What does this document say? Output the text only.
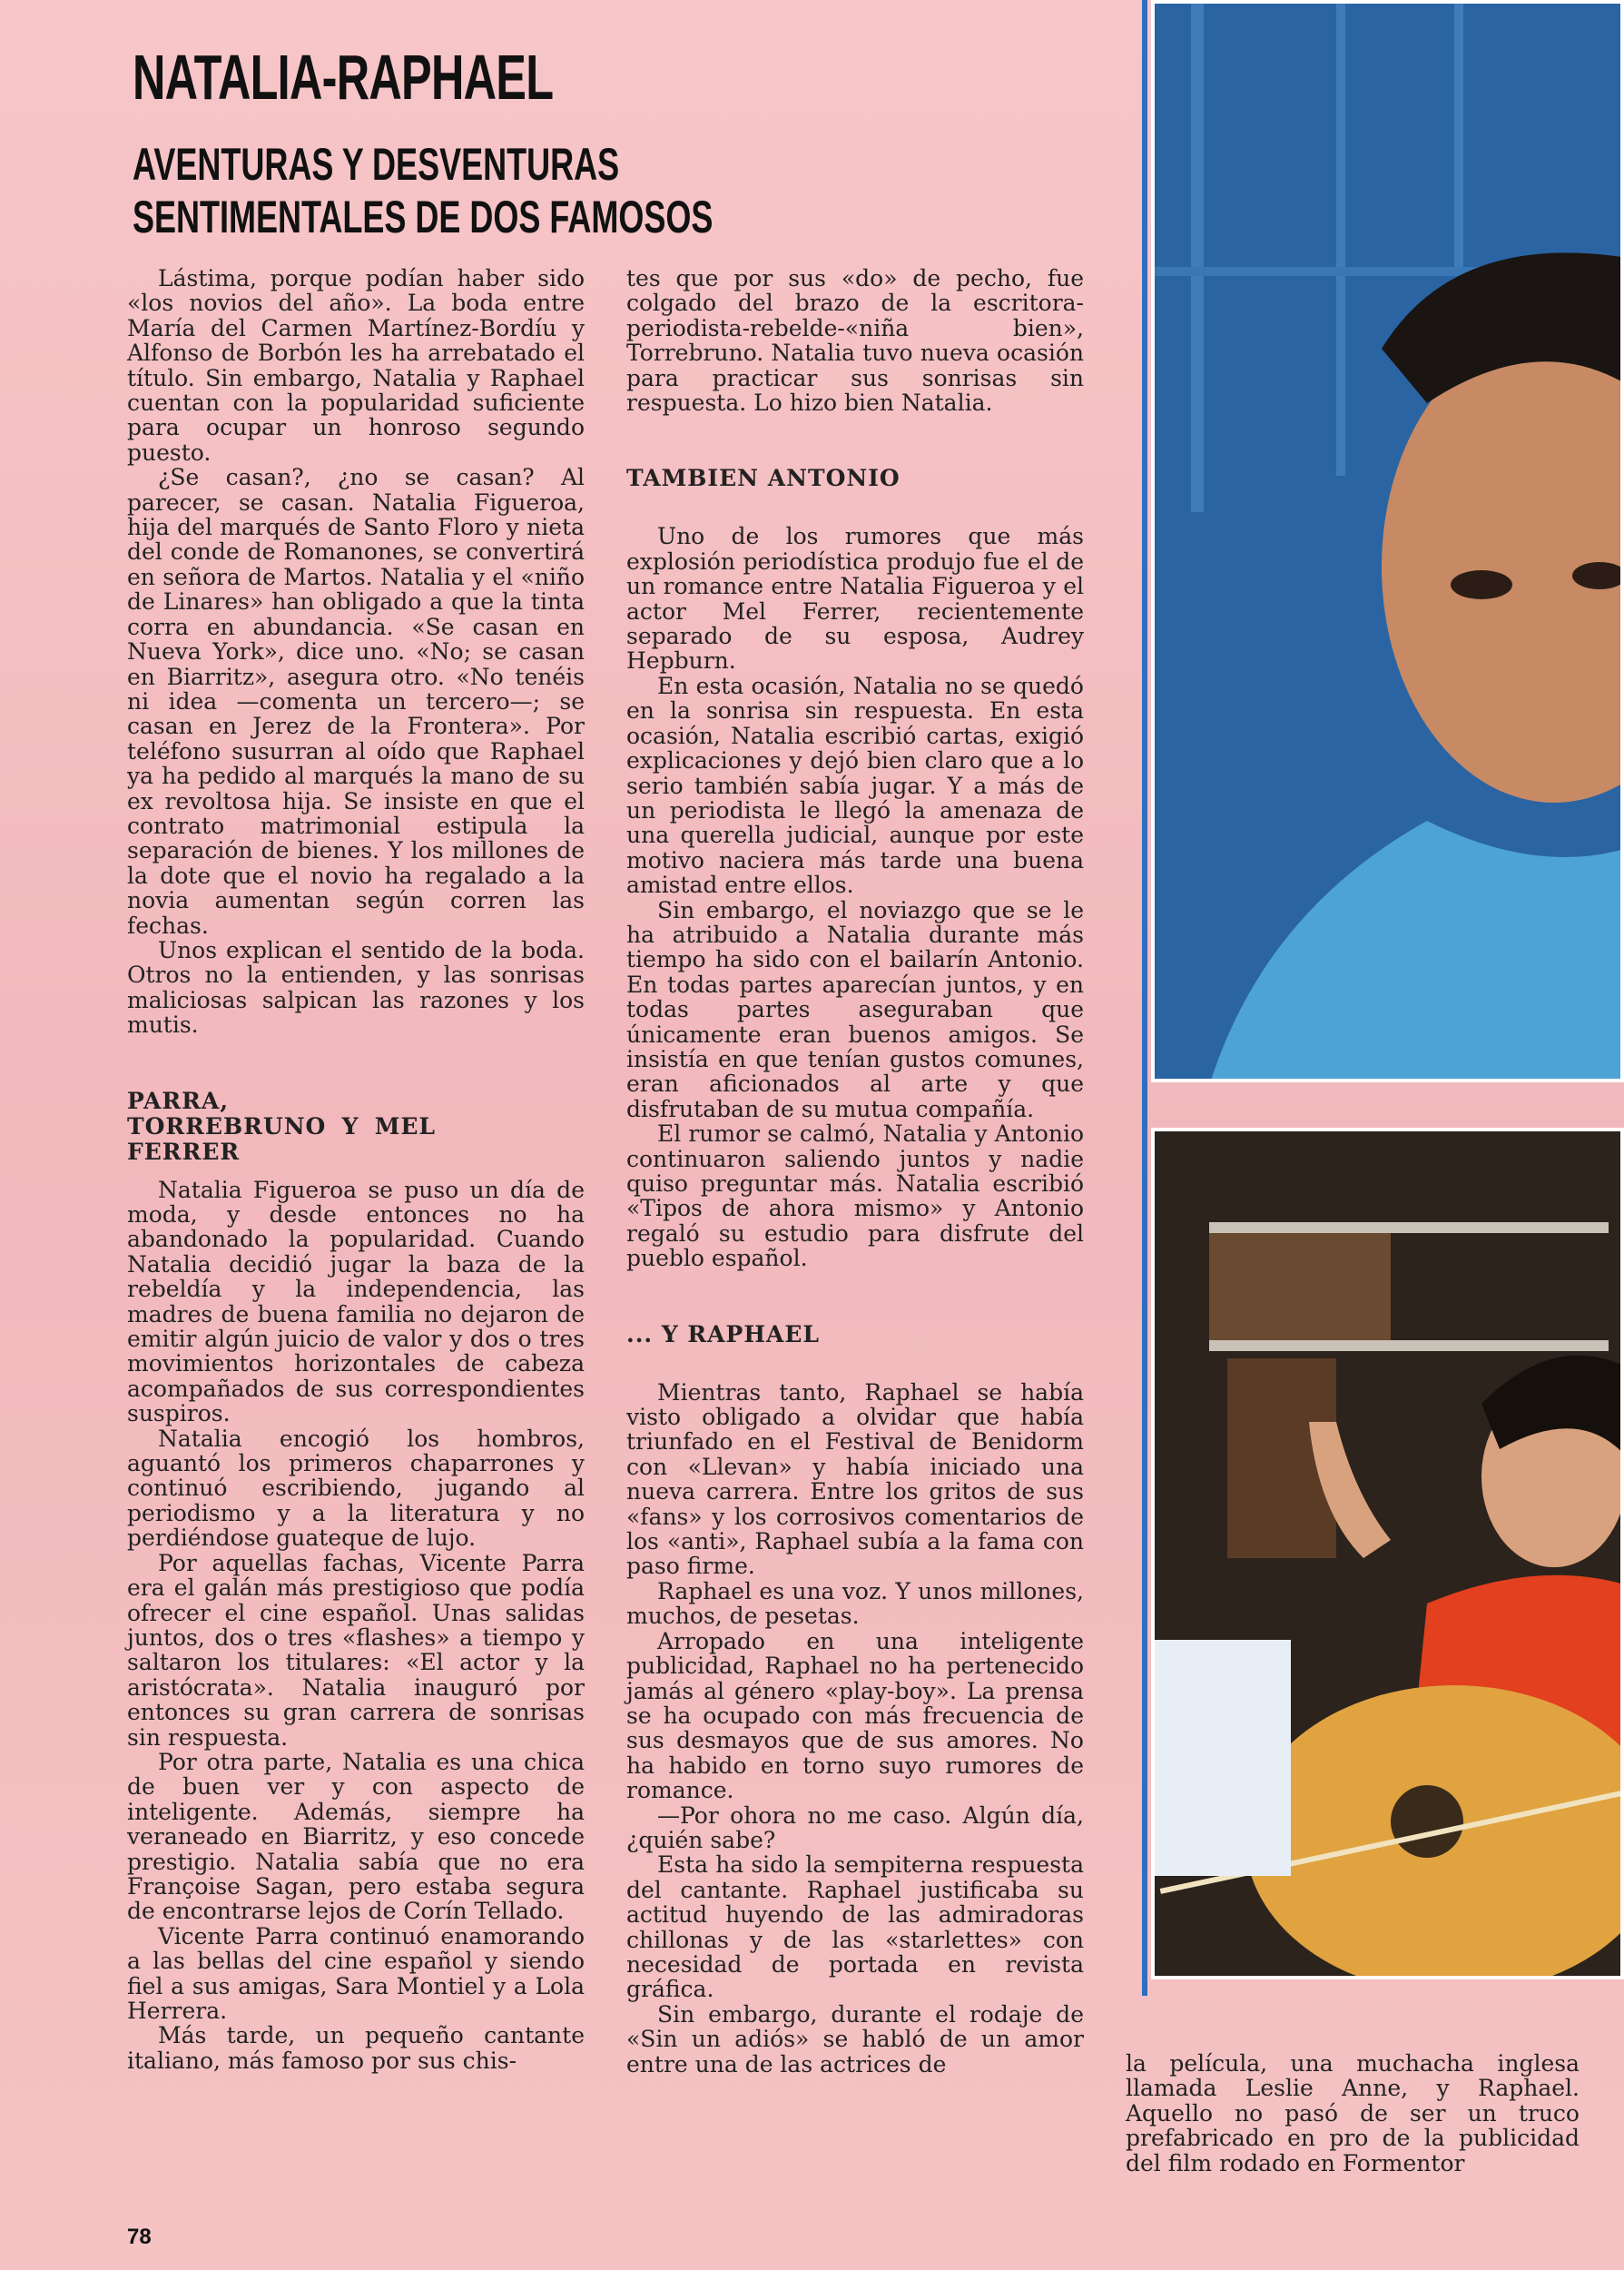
NATALIA-RAPHAEL
AVENTURAS Y DESVENTURAS
SENTIMENTALES DE DOS FAMOSOS

Lástima, porque podían haber sido «los novios del año». La boda entre María del Carmen Martínez-Bordíu y Alfonso de Borbón les ha arrebatado el título. Sin embargo, Natalia y Raphael cuentan con la popularidad suficiente para ocupar un honroso segundo puesto.

¿Se casan?, ¿no se casan? Al parecer, se casan. Natalia Figueroa, hija del marqués de Santo Floro y nieta del conde de Romanones, se convertirá en señora de Martos. Natalia y el «niño de Linares» han obligado a que la tinta corra en abundancia. «Se casan en Nueva York», dice uno. «No; se casan en Biarritz», asegura otro. «No tenéis ni idea —comenta un tercero—; se casan en Jerez de la Frontera». Por teléfono susurran al oído que Raphael ya ha pedido al marqués la mano de su ex revoltosa hija. Se insiste en que el contrato matrimonial estipula la separación de bienes. Y los millones de la dote que el novio ha regalado a la novia aumentan según corren las fechas.

Unos explican el sentido de la boda. Otros no la entienden, y las sonrisas maliciosas salpican las razones y los mutis.

PARRA, TORREBRUNO Y MEL FERRER

Natalia Figueroa se puso un día de moda, y desde entonces no ha abandonado la popularidad. Cuando Natalia decidió jugar la baza de la rebeldía y la independencia, las madres de buena familia no dejaron de emitir algún juicio de valor y dos o tres movimientos horizontales de cabeza acompañados de sus correspondientes suspiros.

Natalia encogió los hombros, aguantó los primeros chaparrones y continuó escribiendo, jugando al periodismo y a la literatura y no perdiéndose guateque de lujo.

Por aquellas fachas, Vicente Parra era el galán más prestigioso que podía ofrecer el cine español. Unas salidas juntos, dos o tres «flashes» a tiempo y saltaron los titulares: «El actor y la aristócrata». Natalia inauguró por entonces su gran carrera de sonrisas sin respuesta.

Por otra parte, Natalia es una chica de buen ver y con aspecto de inteligente. Además, siempre ha veraneado en Biarritz, y eso concede prestigio. Natalia sabía que no era Françoise Sagan, pero estaba segura de encontrarse lejos de Corín Tellado.

Vicente Parra continuó enamorando a las bellas del cine español y siendo fiel a sus amigas, Sara Montiel y a Lola Herrera.

Más tarde, un pequeño cantante italiano, más famoso por sus chis-

tes que por sus «do» de pecho, fue colgado del brazo de la escritora-periodista-rebelde-«niña bien», Torrebruno. Natalia tuvo nueva ocasión para practicar sus sonrisas sin respuesta. Lo hizo bien Natalia.

TAMBIEN ANTONIO

Uno de los rumores que más explosión periodística produjo fue el de un romance entre Natalia Figueroa y el actor Mel Ferrer, recientemente separado de su esposa, Audrey Hepburn.

En esta ocasión, Natalia no se quedó en la sonrisa sin respuesta. En esta ocasión, Natalia escribió cartas, exigió explicaciones y dejó bien claro que a lo serio también sabía jugar. Y a más de un periodista le llegó la amenaza de una querella judicial, aunque por este motivo naciera más tarde una buena amistad entre ellos.

Sin embargo, el noviazgo que se le ha atribuido a Natalia durante más tiempo ha sido con el bailarín Antonio. En todas partes aparecían juntos, y en todas partes aseguraban que únicamente eran buenos amigos. Se insistía en que tenían gustos comunes, eran aficionados al arte y que disfrutaban de su mutua compañía.

El rumor se calmó, Natalia y Antonio continuaron saliendo juntos y nadie quiso preguntar más. Natalia escribió «Tipos de ahora mismo» y Antonio regaló su estudio para disfrute del pueblo español.

... Y RAPHAEL

Mientras tanto, Raphael se había visto obligado a olvidar que había triunfado en el Festival de Benidorm con «Llevan» y había iniciado una nueva carrera. Entre los gritos de sus «fans» y los corrosivos comentarios de los «anti», Raphael subía a la fama con paso firme.

Raphael es una voz. Y unos millones, muchos, de pesetas.

Arropado en una inteligente publicidad, Raphael no ha pertenecido jamás al género «play-boy». La prensa se ha ocupado con más frecuencia de sus desmayos que de sus amores. No ha habido en torno suyo rumores de romance.

—Por ohora no me caso. Algún día, ¿quién sabe?

Esta ha sido la sempiterna respuesta del cantante. Raphael justificaba su actitud huyendo de las admiradoras chillonas y de las «starlettes» con necesidad de portada en revista gráfica.

Sin embargo, durante el rodaje de «Sin un adiós» se habló de un amor entre una de las actrices de	la película, una muchacha inglesa llamada Leslie Anne, y Raphael. Aquello no pasó de ser un truco prefabricado en pro de la publicidad del film rodado en Formentor

78
